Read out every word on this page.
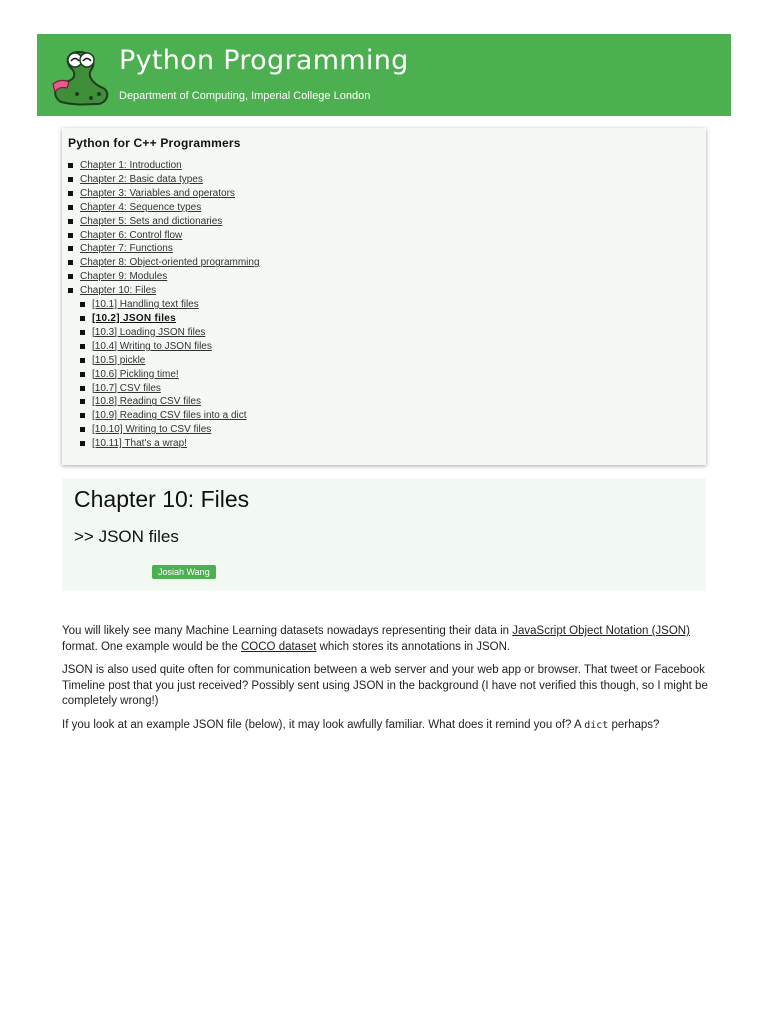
Python Programming

Department of Computing, Imperial College London

Python for C++ Programmers

Chapter 1: Introduction
Chapter 2: Basic data types
Chapter 3: Variables and operators
Chapter 4: Sequence types
Chapter 5: Sets and dictionaries
Chapter 6: Control flow
Chapter 7: Functions
Chapter 8: Object-oriented programming
Chapter 9: Modules
Chapter 10: Files
[10.1] Handling text files
[10.2] JSON files
[10.3] Loading JSON files
[10.4] Writing to JSON files
[10.5] pickle
[10.6] Pickling time!
[10.7] CSV files
[10.8] Reading CSV files
[10.9] Reading CSV files into a dict
[10.10] Writing to CSV files
[10.11] That's a wrap!
Chapter 10: Files
>> JSON files
Josiah Wang

You will likely see many Machine Learning datasets nowadays representing their data in JavaScript Object Notation (JSON) format. One example would be the COCO dataset which stores its annotations in JSON.

JSON is also used quite often for communication between a web server and your web app or browser. That tweet or Facebook Timeline post that you just received? Possibly sent using JSON in the background (I have not verified this though, so I might be completely wrong!)

If you look at an example JSON file (below), it may look awfully familiar. What does it remind you of? A dict perhaps?
